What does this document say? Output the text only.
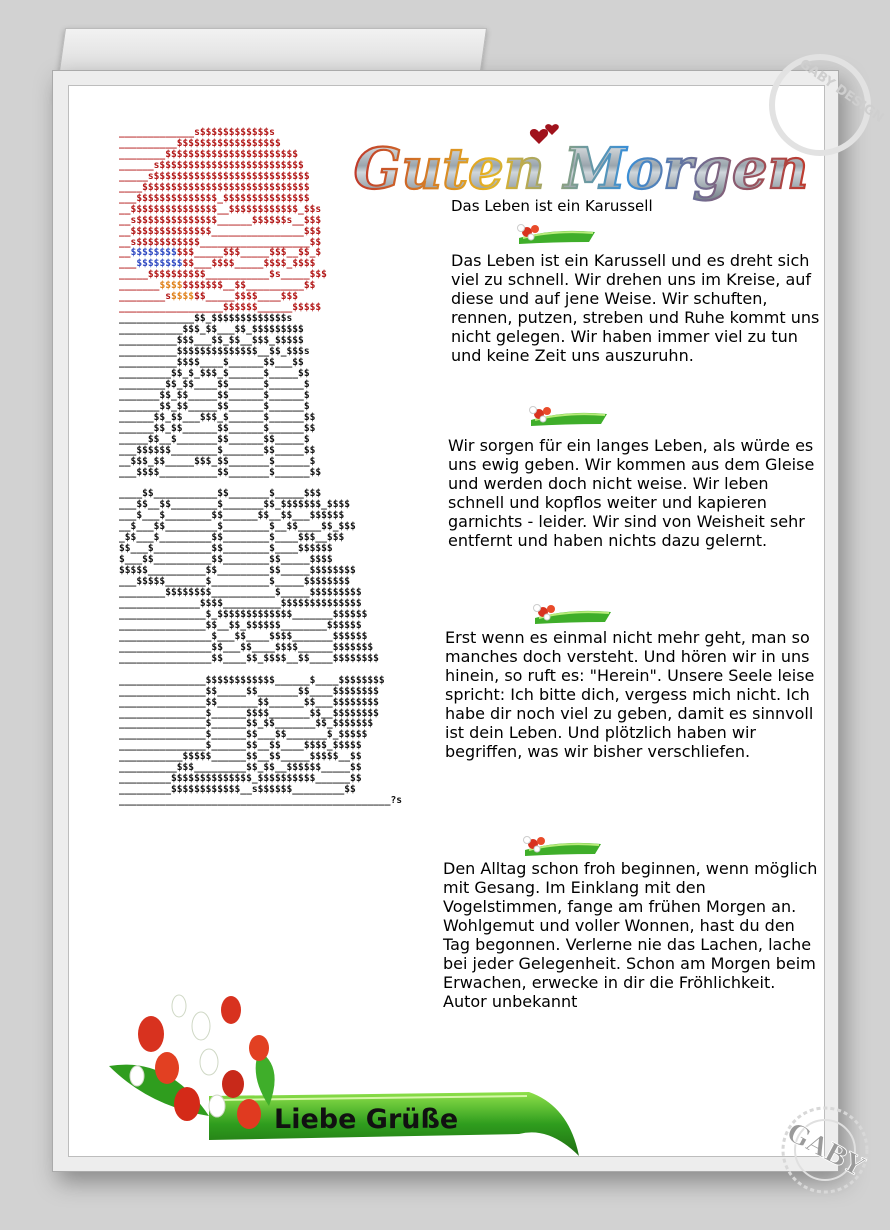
_____________s$$$$$$$$$$$$s
__________$$$$$$$$$$$$$$$$$$
________$$$$$$$$$$$$$$$$$$$$$$$
______s$$$$$$$$$$$$$$$$$$$$$$$$$
_____s$$$$$$$$$$$$$$$$$$$$$$$$$$$
____$$$$$$$$$$$$$$$$$$$$$$$$$$$$$
___$$$$$$$$$$$$$$_$$$$$$$$$$$$$$$
__$$$$$$$$$$$$$$$__$$$$$$$$$$$$_$$s
__s$$$$$$$$$$$$$$______$$$$$$s__$$$
__$$$$$$$$$$$$$$________________$$$
__s$$$$$$$$$$$___________________$$
__$$$$$$$$$$$_____$$$_____$$$__$$_$
___$$$$$$$$$$___$$$$_____$$$$_$$$$
_____$$$$$$$$$$___________$s_____$$$
_______$$$$$$$$$$$__$$__________$$
________s$$$$$$_____$$$$____$$$
__________________$$$$$$______$$$$$
_____________$$_$$$$$$$$$$$$$s
___________$$$_$$___$$_$$$$$$$$$
__________$$$___$$_$$__$$$_$$$$$
__________$$$$$$$$$$$$$$__$$_$$$s
__________$$$$____$______$$___$$
_________$$_$_$$$_$______$_____$$
________$$_$$____$$______$______$
_______$$_$$_____$$______$______$
_______$$_$$_____$$______$______$
______$$_$$___$$$_$______$______$$
______$$_$$______$$______$______$$
_____$$__$_______$$______$$_____$
___$$$$$$________$_______$$_____$$
__$$$_$$_____$$$_$$_______$______$
___$$$$__________$$_______$______$$

____$$___________$$_______$_____$$$
___$$__$$________$_______$$_$$$$$$$_$$$$
___$___$________$$______$$__$$___$$$$$$
__$___$$_________$________$__$$____$$_$$$
_$$___$_________$$________$____$$$__$$$
$$___$__________$$________$____$$$$$$
$___$$__________$$________$$_____$$$$
$$$$$__________$$_________$$_____$$$$$$$$
___$$$$$_______$__________$_____$$$$$$$$
________$$$$$$$$___________$_____$$$$$$$$$
______________$$$$__________$$$$$$$$$$$$$$
_______________$_$$$$$$$$$$$$$_______$$$$$$
_______________$$__$$_$$$$$$________$$$$$$
________________$___$$____$$$$_______$$$$$$
________________$$___$$____$$$$______$$$$$$$
________________$$____$$_$$$$__$$____$$$$$$$$

_______________$$$$$$$$$$$$______$____$$$$$$$$
_______________$$_____$$_______$$____$$$$$$$$
_______________$$_______$$______$$___$$$$$$$$
_______________$______$$$$_______$$__$$$$$$$$
_______________$______$$_$$_______$$_$$$$$$$
_______________$______$$___$$_______$_$$$$$
_______________$______$$__$$____$$$$_$$$$$
___________$$$$$______$$__$$_____$$$$$__$$
__________$$$_________$$_$$__$$$$$$_____$$
_________$$$$$$$$$$$$$$_$$$$$$$$$$______$$
_________$$$$$$$$$$$$__s$$$$$$_________$$
_______________________________________________?s
Guten Morgen
Das Leben ist ein Karussell
Das Leben ist ein Karussell und es dreht sich viel zu schnell. Wir drehen uns im Kreise, auf diese und auf jene Weise. Wir schuften, rennen, putzen, streben und Ruhe kommt uns nicht gelegen. Wir haben immer viel zu tun und keine Zeit uns auszuruhn.
Wir sorgen für ein langes Leben, als würde es uns ewig geben. Wir kommen aus dem Gleise und werden doch nicht weise. Wir leben schnell und kopflos weiter und kapieren garnichts - leider. Wir sind von Weisheit sehr entfernt und haben nichts dazu gelernt.
Erst wenn es einmal nicht mehr geht, man so manches doch versteht. Und hören wir in uns hinein, so ruft es: "Herein". Unsere Seele leise spricht: Ich bitte dich, vergess mich nicht. Ich habe dir noch viel zu geben, damit es sinnvoll ist dein Leben. Und plötzlich haben wir begriffen, was wir bisher verschliefen.
Den Alltag schon froh beginnen, wenn möglich mit Gesang. Im Einklang mit den Vogelstimmen, fange am frühen Morgen an. Wohlgemut und voller Wonnen, hast du den Tag begonnen. Verlerne nie das Lachen, lache bei jeder Gelegenheit. Schon am Morgen beim Erwachen, erwecke in dir die Fröhlichkeit. Autor unbekannt
Liebe Grüße
GABY DESIGN
GABY
